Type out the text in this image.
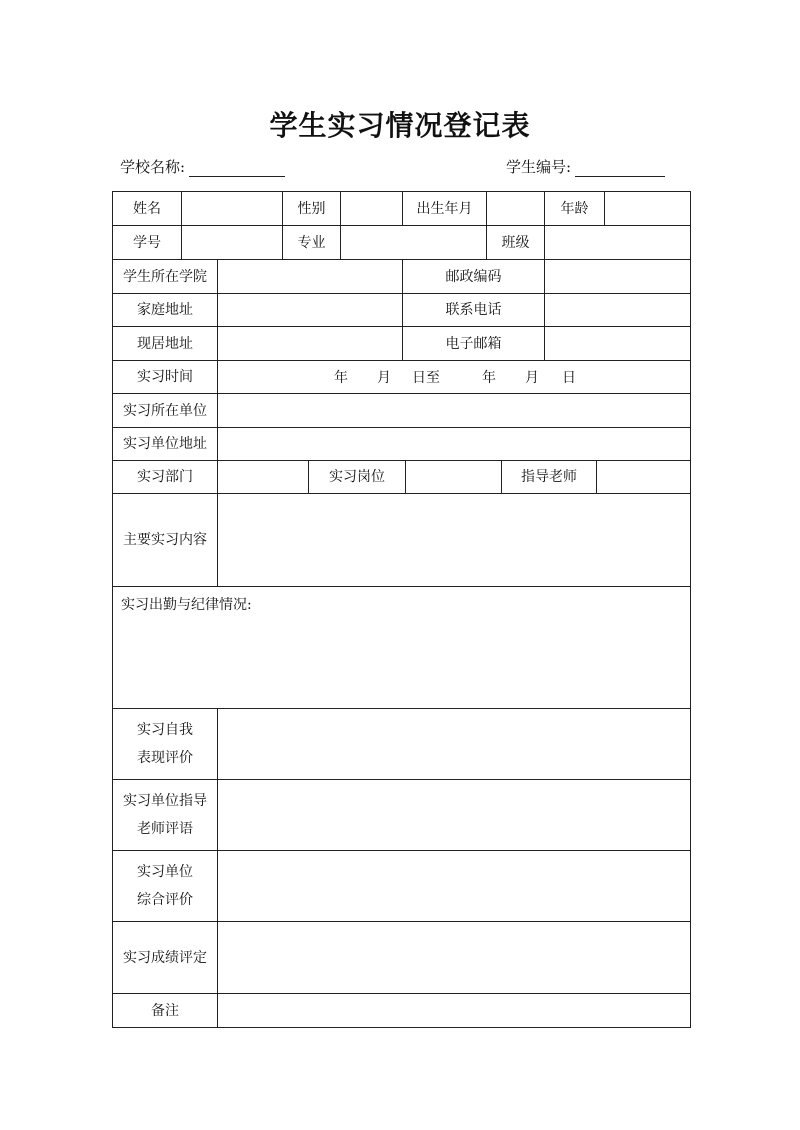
学生实习情况登记表
学校名称:	学生编号:
姓名	性别	出生年月	年龄
学号	专业	班级
学生所在学院	邮政编码
家庭地址	联系电话
现居地址	电子邮箱
实习时间	年 月 日至	年 月 日
实习所在单位
实习单位地址
实习部门	实习岗位	指导老师
主要实习内容
实习出勤与纪律情况:
实习自我
表现评价
实习单位指导
老师评语
实习单位
综合评价
实习成绩评定
备注
